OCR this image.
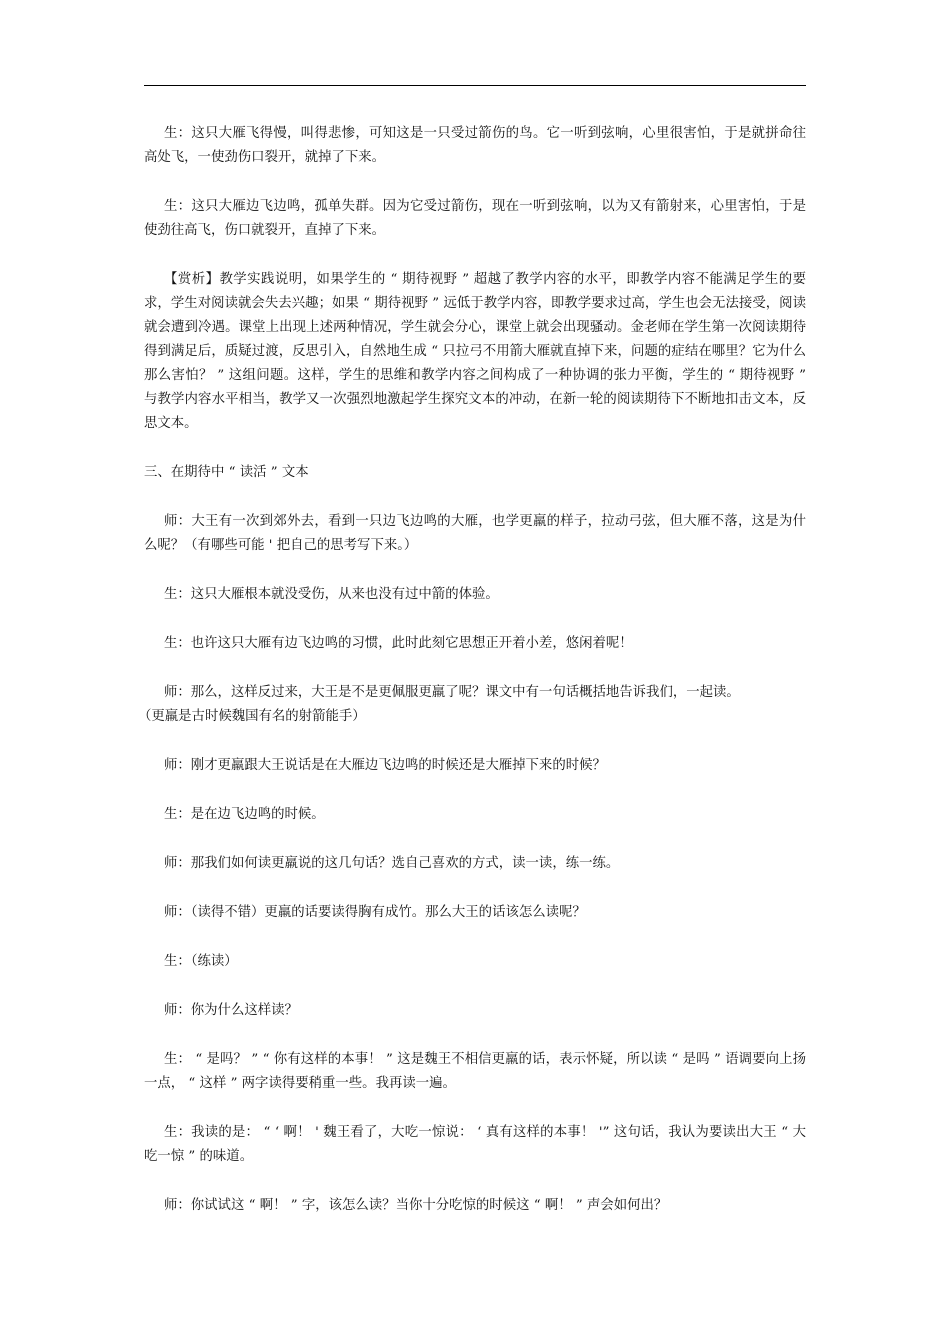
生：这只大雁飞得慢，叫得悲惨，可知这是一只受过箭伤的鸟。它一听到弦响，心里很害怕，于是就拼命往高处飞，一使劲伤口裂开，就掉了下来。

生：这只大雁边飞边鸣，孤单失群。因为它受过箭伤，现在一听到弦响，以为又有箭射来，心里害怕，于是使劲往高飞，伤口就裂开，直掉了下来。

【赏析】教学实践说明，如果学生的 “ 期待视野 ” 超越了教学内容的水平，即教学内容不能满足学生的要求，学生对阅读就会失去兴趣；如果 “ 期待视野 ” 远低于教学内容，即教学要求过高，学生也会无法接受，阅读就会遭到冷遇。课堂上出现上述两种情况，学生就会分心，课堂上就会出现骚动。金老师在学生第一次阅读期待得到满足后，质疑过渡，反思引入，自然地生成 “ 只拉弓不用箭大雁就直掉下来，问题的症结在哪里？它为什么那么害怕？ ” 这组问题。这样，学生的思维和教学内容之间构成了一种协调的张力平衡，学生的 “ 期待视野 ” 与教学内容水平相当，教学又一次强烈地激起学生探究文本的冲动，在新一轮的阅读期待下不断地扣击文本，反思文本。

三、在期待中 “ 读活 ” 文本

师：大王有一次到郊外去，看到一只边飞边鸣的大雁，也学更羸的样子，拉动弓弦，但大雁不落，这是为什么呢？（有哪些可能 ' 把自己的思考写下来。）

生：这只大雁根本就没受伤，从来也没有过中箭的体验。

生：也许这只大雁有边飞边鸣的习惯，此时此刻它思想正开着小差，悠闲着呢！

师：那么，这样反过来，大王是不是更佩服更羸了呢？课文中有一句话概括地告诉我们，一起读。

（更羸是古时候魏国有名的射箭能手）

师：刚才更羸跟大王说话是在大雁边飞边鸣的时候还是大雁掉下来的时候？

生：是在边飞边鸣的时候。

师：那我们如何读更羸说的这几句话？选自己喜欢的方式，读一读，练一练。

师：（读得不错）更羸的话要读得胸有成竹。那么大王的话该怎么读呢？

生：（练读）

师：你为什么这样读？

生： “ 是吗？ ” “ 你有这样的本事！ ” 这是魏王不相信更羸的话，表示怀疑，所以读 “ 是吗 ” 语调要向上扬一点， “ 这样 ” 两字读得要稍重一些。我再读一遍。

生：我读的是： “ ‘ 啊！ ' 魏王看了，大吃一惊说： ‘ 真有这样的本事！ '” 这句话，我认为要读出大王 “ 大吃一惊 ” 的味道。

师：你试试这 “ 啊！ ” 字，该怎么读？当你十分吃惊的时候这 “ 啊！ ” 声会如何出？
